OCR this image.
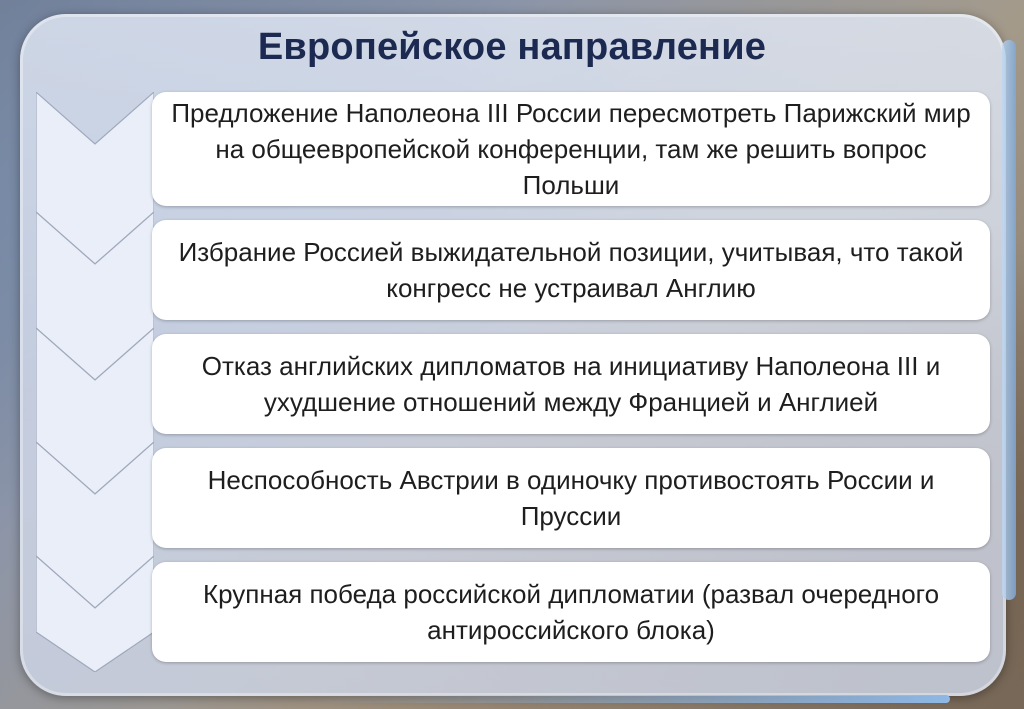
Европейское направление
Предложение Наполеона III России пересмотреть Парижский мир на общеевропейской конференции, там же решить вопрос Польши
Избрание Россией выжидательной позиции, учитывая, что такой конгресс не устраивал Англию
Отказ английских дипломатов на инициативу Наполеона III и ухудшение отношений между Францией и Англией
Неспособность Австрии в одиночку противостоять России и Пруссии
Крупная победа российской дипломатии (развал очередного антироссийского блока)
